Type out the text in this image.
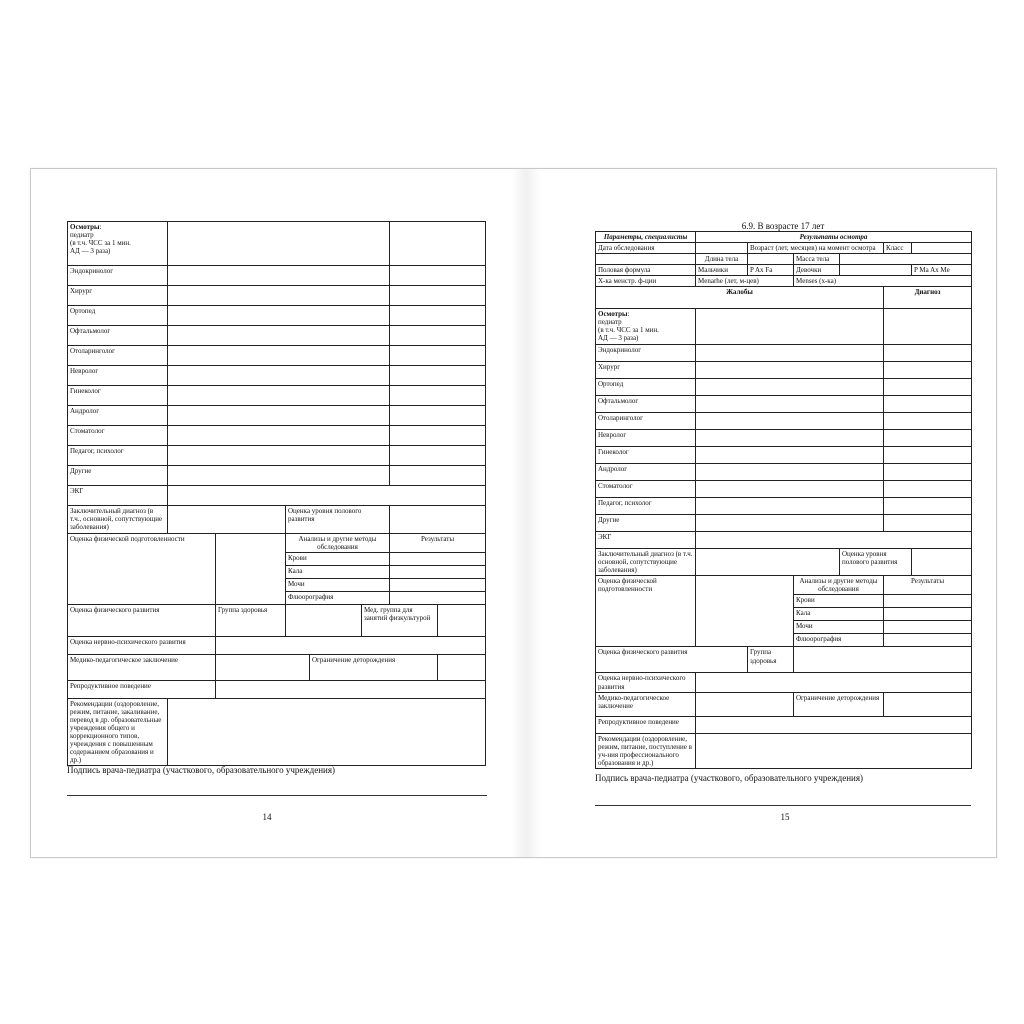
Осмотры:
педиатр
(в т.ч. ЧСС за 1 мин.
АД — 3 раза)							
Эндокринолог							
Хирург							
Ортопед							
Офтальмолог							
Отоларинголог							
Невролог							
Гинеколог							
Андролог							
Стоматолог							
Педагог, психолог							
Другие							
ЭКГ							
Заключительный диагноз (в т.ч., основной, сопутствующие заболевания)			Оценка уровня полового развития				
Оценка физической подготовленности			Анализы и другие методы обследования			Результаты	
			Крови				
			Кала				
			Мочи				
			Флюорография				
Оценка физического развития		Группа здоровья			Мед. группа для занятий физкультурой		
Оценка нервно-психического развития							
Медико-педагогическое заключение				Ограничение деторождения			
Репродуктивное поведение							
Рекомендации (оздоровление, режим, питание, закаливание, перевод в др. образовательные учреждения общего и коррекционного типов, учреждения с повышенным содержанием образования и др.)							
Подпись врача-педиатра (участкового, образовательного учреждения)
14
6.9. В возрасте 17 лет
Параметры, специалисты	Результаты осмотра					
Дата обследования		Возраст (лет, месяцев) на момент осмотра			Класс	
	Длина тела		Масса тела			
Половая формула	Мальчики	P Ax Fa	Девочки			P Ma Ax Me
Х-ка менстр. ф-ции	Menarhe (лет, м-цев)		Menses (х-ка)			
Жалобы					Диагноз	
Осмотры:
педиатр
(в т.ч. ЧСС за 1 мин.
АД — 3 раза)						
Эндокринолог						
Хирург						
Ортопед						
Офтальмолог						
Отоларинголог						
Невролог						
Гинеколог						
Андролог						
Стоматолог						
Педагог, психолог						
Другие						
ЭКГ						
Заключительный диагноз (в т.ч. основной, сопутствующие заболевания)				Оценка уровня полового развития		
Оценка физической подготовленности			Анализы и другие методы обследования		Результаты	
			Крови			
			Кала			
			Мочи			
			Флюорография			
Оценка физического развития		Группа здоровья				
Оценка нервно-психического развития						
Медико-педагогическое заключение			Ограничение деторождения			
Репродуктивное поведение						
Рекомендации (оздоровление, режим, питание, поступление в уч-ния профессионального образования и др.)						
Подпись врача-педиатра (участкового, образовательного учреждения)
15
